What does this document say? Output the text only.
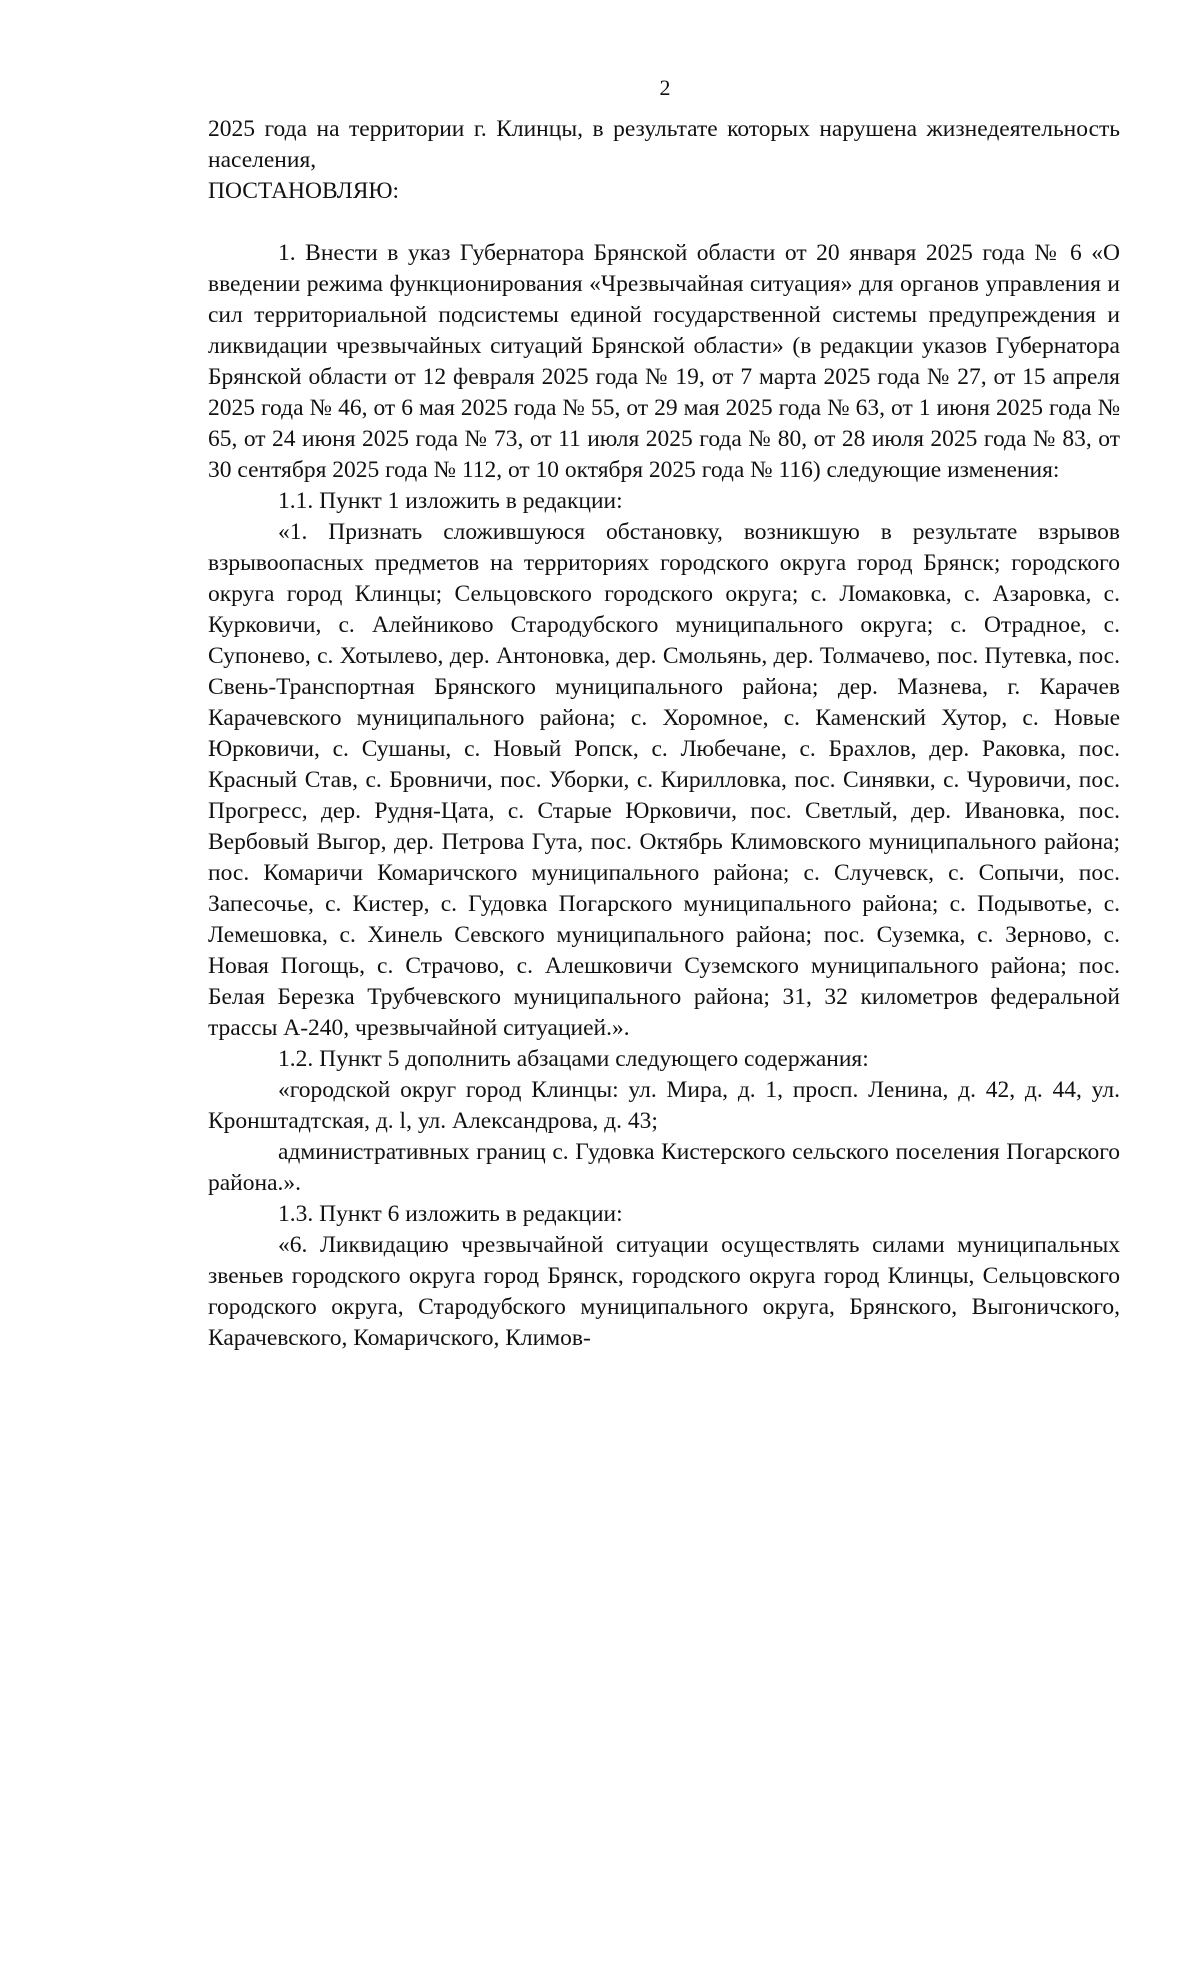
2

2025 года на территории г. Клинцы, в результате которых нарушена жизнедеятельность населения,

ПОСТАНОВЛЯЮ:

1. Внести в указ Губернатора Брянской области от 20 января 2025 года № 6 «О введении режима функционирования «Чрезвычайная ситуация» для органов управления и сил территориальной подсистемы единой государственной системы предупреждения и ликвидации чрезвычайных ситуаций Брянской области» (в редакции указов Губернатора Брянской области от 12 февраля 2025 года № 19, от 7 марта 2025 года № 27, от 15 апреля 2025 года № 46, от 6 мая 2025 года № 55, от 29 мая 2025 года № 63, от 1 июня 2025 года № 65, от 24 июня 2025 года № 73, от 11 июля 2025 года № 80, от 28 июля 2025 года № 83, от 30 сентября 2025 года № 112, от 10 октября 2025 года № 116) следующие изменения:

1.1. Пункт 1 изложить в редакции:

«1. Признать сложившуюся обстановку, возникшую в результате взрывов взрывоопасных предметов на территориях городского округа город Брянск; городского округа город Клинцы; Сельцовского городского округа; с. Ломаковка, с. Азаровка, с. Курковичи, с. Алейниково Стародубского муниципального округа; с. Отрадное, с. Супонево, с. Хотылево, дер. Антоновка, дер. Смольянь, дер. Толмачево, пос. Путевка, пос. Свень-Транспортная Брянского муниципального района; дер. Мазнева, г. Карачев Карачевского муниципального района; с. Хоромное, с. Каменский Хутор, с. Новые Юрковичи, с. Сушаны, с. Новый Ропск, с. Любечане, с. Брахлов, дер. Раковка, пос. Красный Став, с. Бровничи, пос. Уборки, с. Кирилловка, пос. Синявки, с. Чуровичи, пос. Прогресс, дер. Рудня-Цата, с. Старые Юрковичи, пос. Светлый, дер. Ивановка, пос. Вербовый Выгор, дер. Петрова Гута, пос. Октябрь Климовского муниципального района; пос. Комаричи Комаричского муниципального района; с. Случевск, с. Сопычи, пос. Запесочье, с. Кистер, с. Гудовка Погарского муниципального района; с. Подывотье, с. Лемешовка, с. Хинель Севского муниципального района; пос. Суземка, с. Зерново, с. Новая Погощь, с. Страчово, с. Алешковичи Суземского муниципального района; пос. Белая Березка Трубчевского муниципального района; 31, 32 километров федеральной трассы А-240, чрезвычайной ситуацией.».

1.2. Пункт 5 дополнить абзацами следующего содержания:

«городской округ город Клинцы: ул. Мира, д. 1, просп. Ленина, д. 42, д. 44, ул. Кронштадтская, д. l, ул. Александрова, д. 43;

административных границ с. Гудовка Кистерского сельского поселения Погарского района.».

1.3. Пункт 6 изложить в редакции:

«6. Ликвидацию чрезвычайной ситуации осуществлять силами муниципальных звеньев городского округа город Брянск, городского округа город Клинцы, Сельцовского городского округа, Стародубского муниципального округа, Брянского, Выгоничского, Карачевского, Комаричского, Климов-
